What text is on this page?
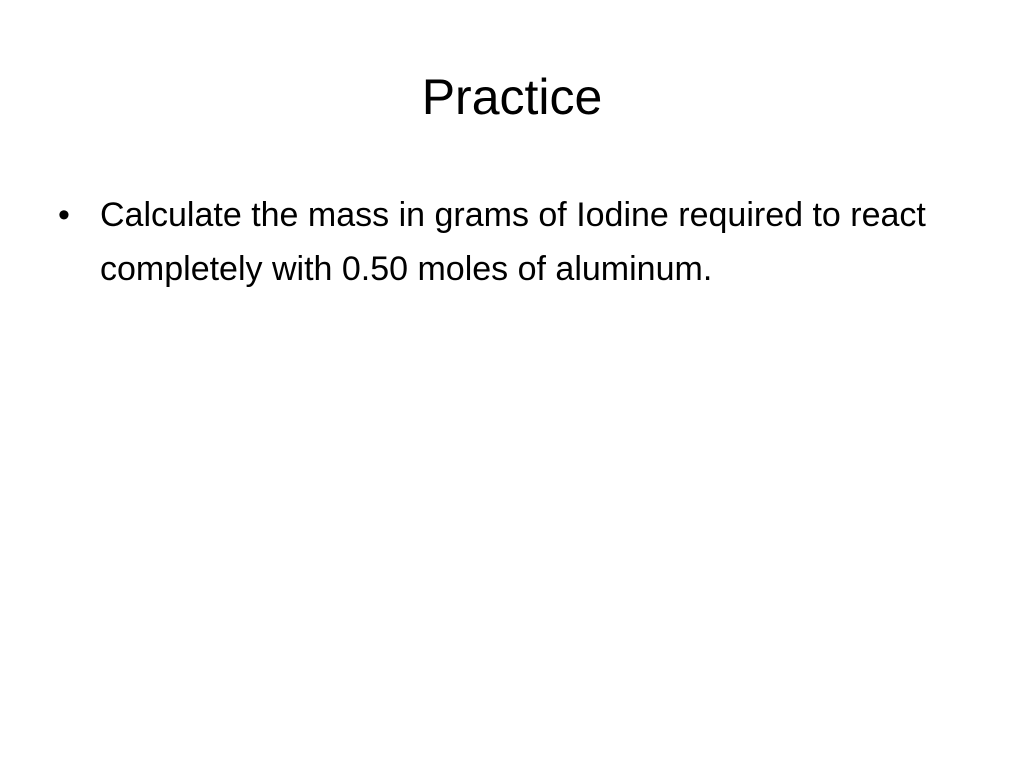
Practice
• Calculate the mass in grams of Iodine required to react completely with 0.50 moles of aluminum.
